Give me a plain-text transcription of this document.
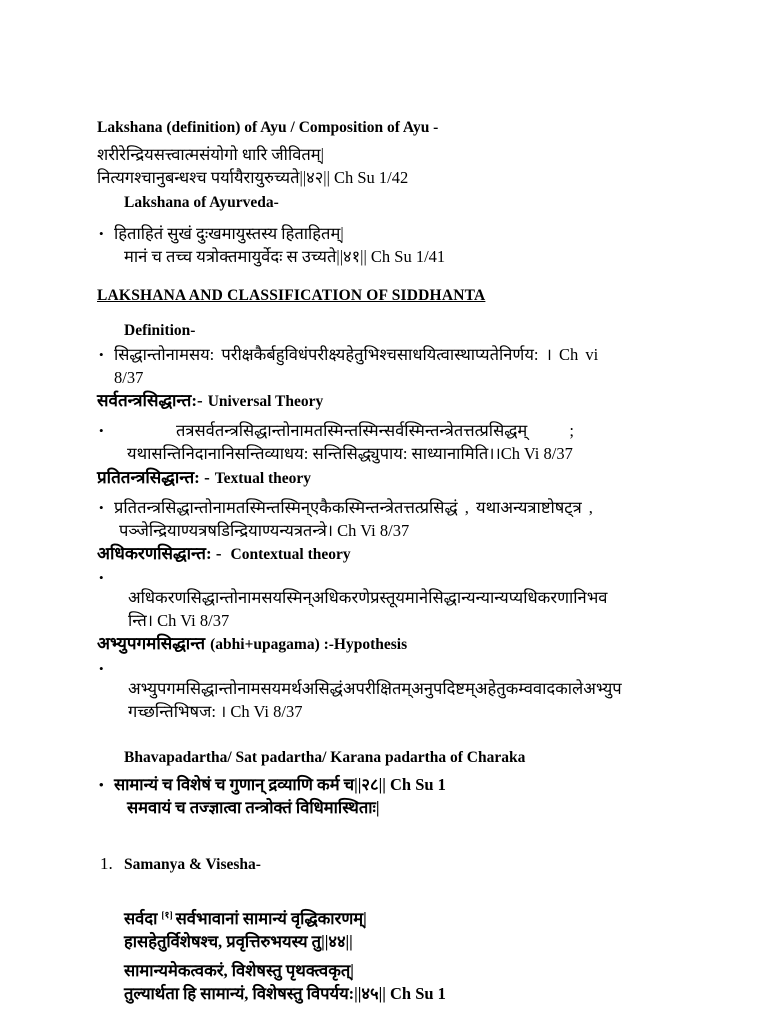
Lakshana (definition) of Ayu / Composition of Ayu -
शरीरेन्द्रियसत्त्वात्मसंयोगो धारि जीवितम्|
नित्यगश्चानुबन्धश्च पर्यायैरायुरुच्यते||४२|| Ch Su 1/42
Lakshana of Ayurveda-
• हिताहितं सुखं दुःखमायुस्तस्य हिताहितम्|
मानं च तच्च यत्रोक्तमायुर्वेदः स उच्यते||४१|| Ch Su 1/41
LAKSHANA AND CLASSIFICATION OF SIDDHANTA
Definition-
• सिद्धान्तोनामसय: परीक्षकैर्बहुविधंपरीक्ष्यहेतुभिश्चसाधयित्वास्थाप्यतेनिर्णय: । Ch vi
8/37
सर्वतन्त्रसिद्धान्त:- Universal Theory
•	तत्रसर्वतन्त्रसिद्धान्तोनामतस्मिन्तस्मिन्सर्वस्मिन्तन्त्रेतत्तत्प्रसिद्धम्	;
यथासन्तिनिदानानिसन्तिव्याधय: सन्तिसिद्ध्युपाय: साध्यानामिति।।Ch Vi 8/37
प्रतितन्त्रसिद्धान्त: - Textual theory
• प्रतितन्त्रसिद्धान्तोनामतस्मिन्तस्मिन्एकैकस्मिन्तन्त्रेतत्तत्प्रसिद्धं , यथाअन्यत्राष्टोषट्त्र ,
पञ्जेन्द्रियाण्यत्रषडिन्द्रियाण्यन्यत्रतन्त्रे। Ch Vi 8/37
अधिकरणसिद्धान्त: - Contextual theory
•
अधिकरणसिद्धान्तोनामसयस्मिन्अधिकरणेप्रस्तूयमानेसिद्धान्यन्यान्यप्यधिकरणानिभव
न्ति। Ch Vi 8/37
अभ्युपगमसिद्धान्त (abhi+upagama) :-Hypothesis
•
अभ्युपगमसिद्धान्तोनामसयमर्थअसिद्धंअपरीक्षितम्अनुपदिष्टम्अहेतुकम्ववादकालेअभ्युप
गच्छन्तिभिषज: । Ch Vi 8/37
Bhavapadartha/ Sat padartha/ Karana padartha of Charaka
• सामान्यं च विशेषं च गुणान् द्रव्याणि कर्म च||२८|| Ch Su 1
समवायं च तज्ज्ञात्वा तन्त्रोक्तं विधिमास्थिताः|
1. Samanya & Visesha-
सर्वदा [१] सर्वभावानां सामान्यं वृद्धिकारणम्|
हासहेतुर्विशेषश्च, प्रवृत्तिरुभयस्य तु||४४||
सामान्यमेकत्वकरं, विशेषस्तु पृथक्त्वकृत्|
तुल्यार्थता हि सामान्यं, विशेषस्तु विपर्यय:||४५|| Ch Su 1
